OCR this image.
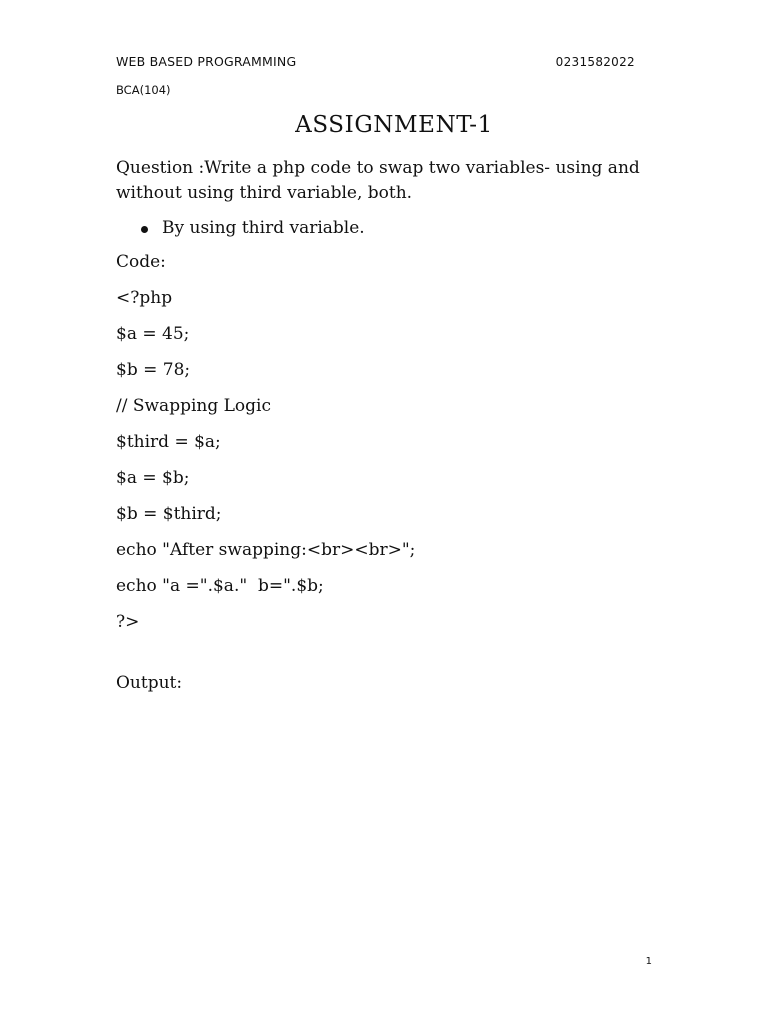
WEB BASED PROGRAMMING	0231582022
BCA(104)
ASSIGNMENT-1

Question :Write a php code to swap two variables- using and without using third variable, both.

By using third variable.
Code:
<?php
$a = 45;
$b = 78;
// Swapping Logic
$third = $a;
$a = $b;
$b = $third;
echo "After swapping:<br><br>";
echo "a =".$a."  b=".$b;
?>
Output:
1
